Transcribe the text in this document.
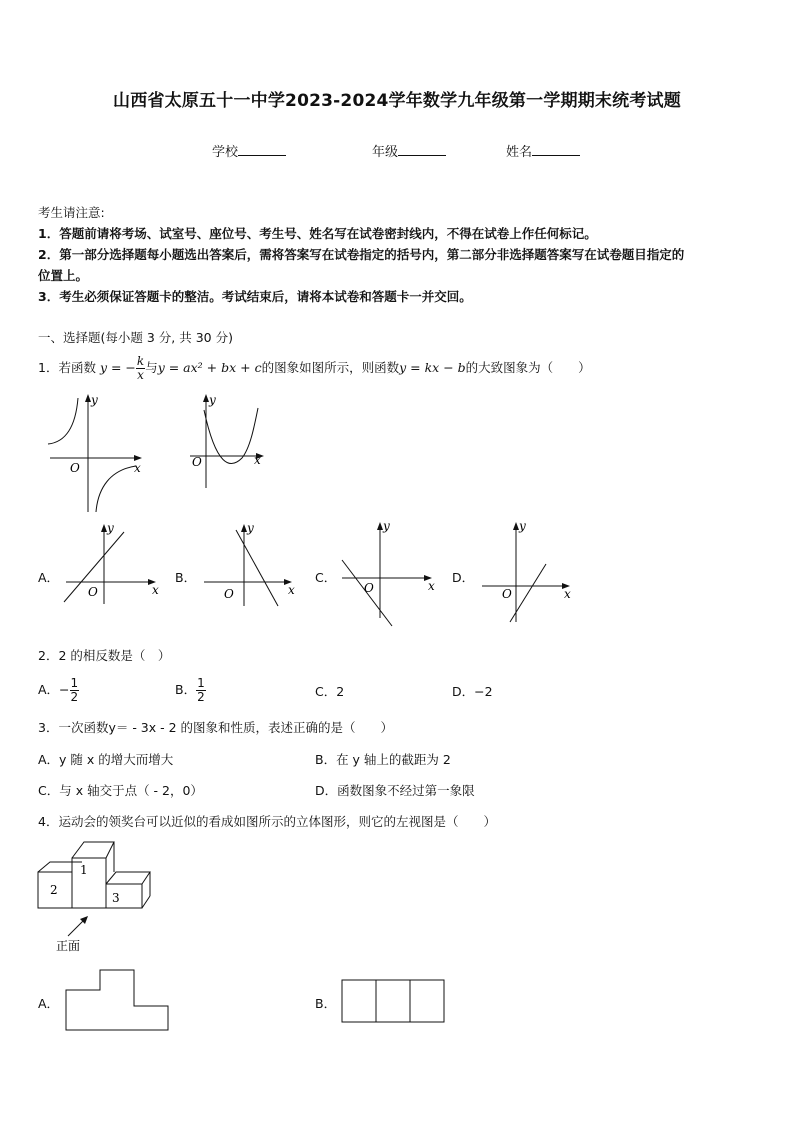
山西省太原五十一中学2023-2024学年数学九年级第一学期期末统考试题
学校	年级	姓名
考生请注意:
1．答题前请将考场、试室号、座位号、考生号、姓名写在试卷密封线内，不得在试卷上作任何标记。
2．第一部分选择题每小题选出答案后，需将答案写在试卷指定的括号内，第二部分非选择题答案写在试卷题目指定的
位置上。
3．考生必须保证答题卡的整洁。考试结束后，请将本试卷和答题卡一并交回。
一、选择题(每小题 3 分, 共 30 分)
1．若函数 y = − $\frac{k}{x}$ 与y = ax² + bx + c的图象如图所示，则函数y = kx − b的大致图象为（　　）
y
x
O
y
x
O
A．
y
x
O
B．
y
x
O
C．
y
x
O
D．
y
x
O
2．2 的相反数是（　）
A．− $\frac{1}{2}$	B． $\frac{1}{2}$	C．2	D．−2
3．一次函数y＝ - 3x - 2 的图象和性质，表述正确的是（　　）
A．y 随 x 的增大而增大	B．在 y 轴上的截距为 2
C．与 x 轴交于点（ - 2，0）	D．函数图象不经过第一象限
4．运动会的领奖台可以近似的看成如图所示的立体图形，则它的左视图是（　　）
1
2
3
正面
A．	B．
